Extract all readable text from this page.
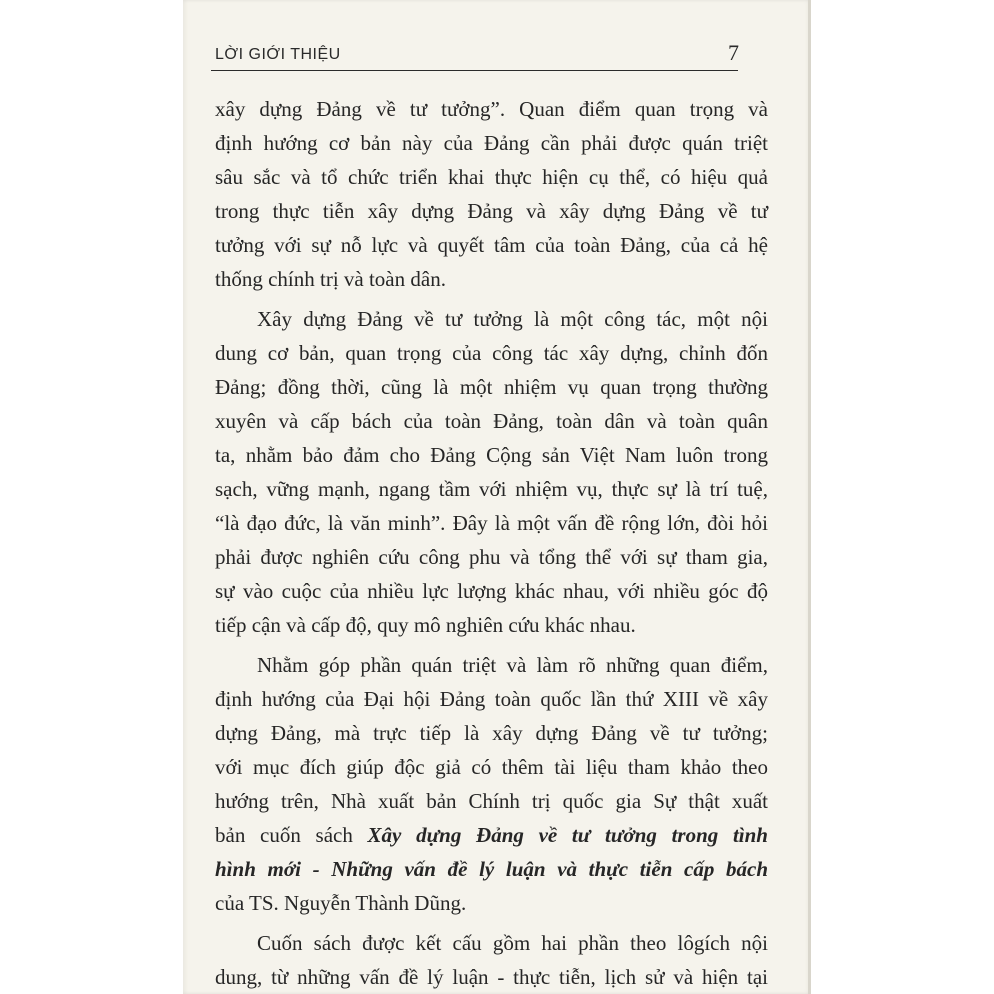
LỜI GIỚI THIỆU	7

xây dựng Đảng về tư tưởng”. Quan điểm quan trọng và
định hướng cơ bản này của Đảng cần phải được quán triệt
sâu sắc và tổ chức triển khai thực hiện cụ thể, có hiệu quả
trong thực tiễn xây dựng Đảng và xây dựng Đảng về tư
tưởng với sự nỗ lực và quyết tâm của toàn Đảng, của cả hệ
thống chính trị và toàn dân.

Xây dựng Đảng về tư tưởng là một công tác, một nội
dung cơ bản, quan trọng của công tác xây dựng, chỉnh đốn
Đảng; đồng thời, cũng là một nhiệm vụ quan trọng thường
xuyên và cấp bách của toàn Đảng, toàn dân và toàn quân
ta, nhằm bảo đảm cho Đảng Cộng sản Việt Nam luôn trong
sạch, vững mạnh, ngang tầm với nhiệm vụ, thực sự là trí tuệ,
“là đạo đức, là văn minh”. Đây là một vấn đề rộng lớn, đòi hỏi
phải được nghiên cứu công phu và tổng thể với sự tham gia,
sự vào cuộc của nhiều lực lượng khác nhau, với nhiều góc độ
tiếp cận và cấp độ, quy mô nghiên cứu khác nhau.

Nhằm góp phần quán triệt và làm rõ những quan điểm,
định hướng của Đại hội Đảng toàn quốc lần thứ XIII về xây
dựng Đảng, mà trực tiếp là xây dựng Đảng về tư tưởng;
với mục đích giúp độc giả có thêm tài liệu tham khảo theo
hướng trên, Nhà xuất bản Chính trị quốc gia Sự thật xuất
bản cuốn sách Xây dựng Đảng về tư tưởng trong tình
hình mới - Những vấn đề lý luận và thực tiễn cấp bách
của TS. Nguyễn Thành Dũng.

Cuốn sách được kết cấu gồm hai phần theo lôgích nội
dung, từ những vấn đề lý luận - thực tiễn, lịch sử và hiện tại
